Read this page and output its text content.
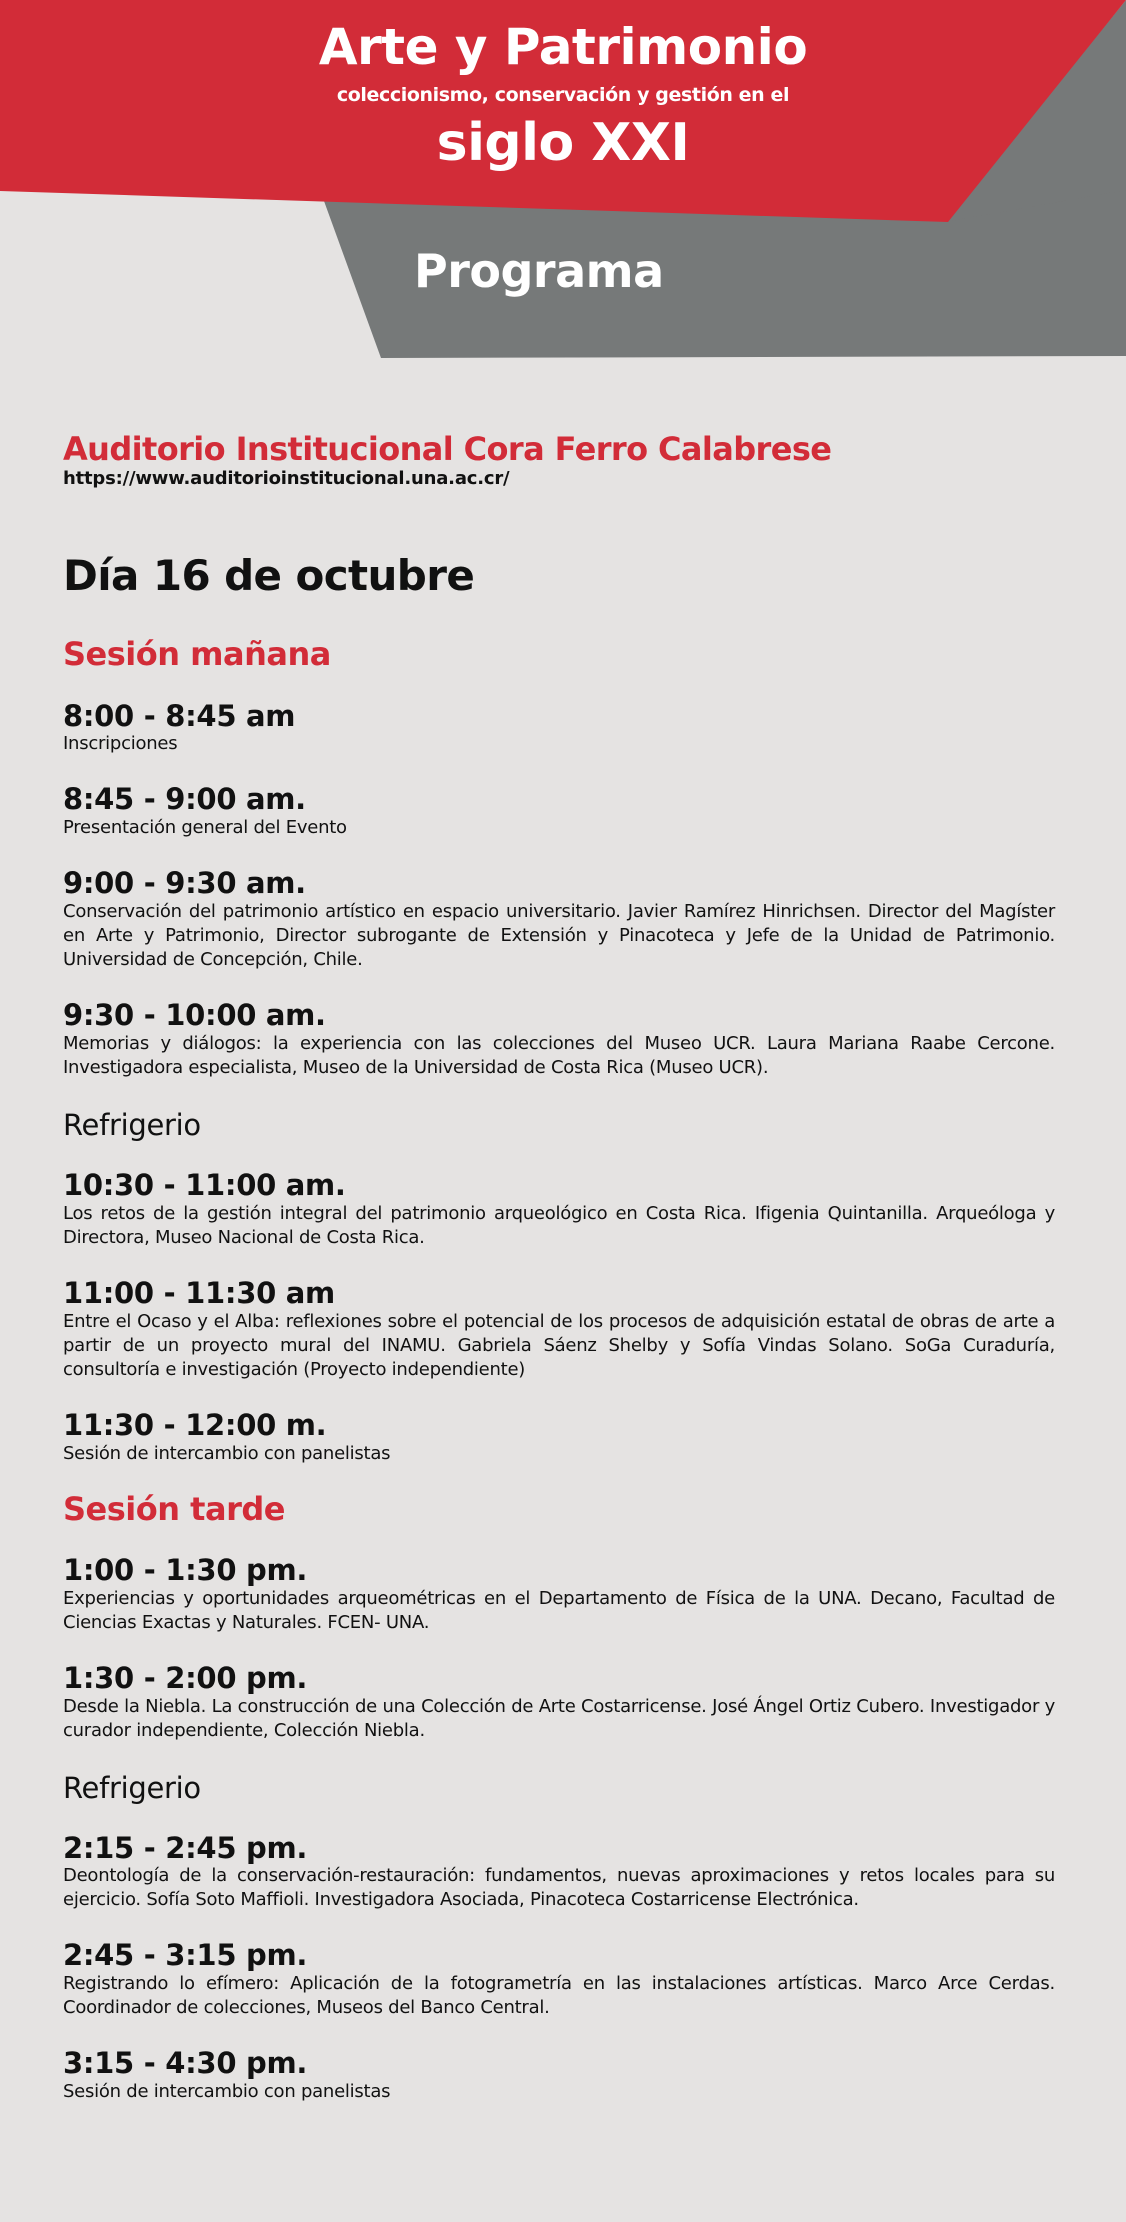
Arte y Patrimonio
coleccionismo, conservación y gestión en el
siglo XXI
Programa
Auditorio Institucional Cora Ferro Calabrese
https://www.auditorioinstitucional.una.ac.cr/
Día 16 de octubre
Sesión mañana
8:00 - 8:45 am
Inscripciones
8:45 - 9:00 am.
Presentación general del Evento
9:00 - 9:30 am.
Conservación del patrimonio artístico en espacio universitario. Javier Ramírez Hinrichsen. Director del Magíster en Arte y Patrimonio, Director subrogante de Extensión y Pinacoteca y Jefe de la Unidad de Patrimonio. Universidad de Concepción, Chile.
9:30 - 10:00 am.
Memorias y diálogos: la experiencia con las colecciones del Museo UCR. Laura Mariana Raabe Cercone. Investigadora especialista, Museo de la Universidad de Costa Rica (Museo UCR).
Refrigerio
10:30 - 11:00 am.
Los retos de la gestión integral del patrimonio arqueológico en Costa Rica. Ifigenia Quintanilla. Arqueóloga y Directora, Museo Nacional de Costa Rica.
11:00 - 11:30 am
Entre el Ocaso y el Alba: reflexiones sobre el potencial de los procesos de adquisición estatal de obras de arte a partir de un proyecto mural del INAMU. Gabriela Sáenz Shelby y Sofía Vindas Solano. SoGa Curaduría, consultoría e investigación (Proyecto independiente)
11:30 - 12:00 m.
Sesión de intercambio con panelistas
Sesión tarde
1:00 - 1:30 pm.
Experiencias y oportunidades arqueométricas en el Departamento de Física de la UNA. Decano, Facultad de Ciencias Exactas y Naturales. FCEN- UNA.
1:30 - 2:00 pm.
Desde la Niebla. La construcción de una Colección de Arte Costarricense. José Ángel Ortiz Cubero. Investigador y curador independiente, Colección Niebla.
Refrigerio
2:15 - 2:45 pm.
Deontología de la conservación-restauración: fundamentos, nuevas aproximaciones y retos locales para su ejercicio. Sofía Soto Maffioli. Investigadora Asociada, Pinacoteca Costarricense Electrónica.
2:45 - 3:15 pm.
Registrando lo efímero: Aplicación de la fotogrametría en las instalaciones artísticas. Marco Arce Cerdas. Coordinador de colecciones, Museos del Banco Central.
3:15 - 4:30 pm.
Sesión de intercambio con panelistas
